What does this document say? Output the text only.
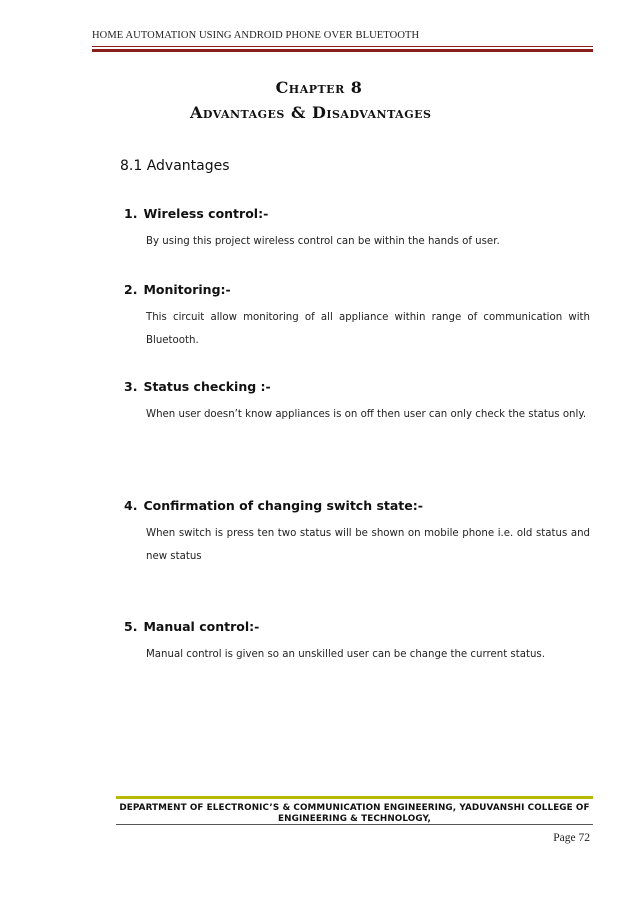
HOME AUTOMATION USING ANDROID PHONE OVER BLUETOOTH
Chapter 8
Advantages & Disadvantages
8.1 Advantages
1. Wireless control:-
By using this project wireless control can be within the hands of user.
2. Monitoring:-
This circuit allow monitoring of all appliance within range of communication with Bluetooth.
3. Status checking :-
When user doesn’t know appliances is on off then user can only check the status only.
4. Confirmation of changing switch state:-
When switch is press ten two status will be shown on mobile phone i.e. old status and new status
5. Manual control:-
Manual control is given so an unskilled user can be change the current status.
DEPARTMENT OF ELECTRONIC’S & COMMUNICATION ENGINEERING, YADUVANSHI COLLEGE OF ENGINEERING & TECHNOLOGY,
Page 72
